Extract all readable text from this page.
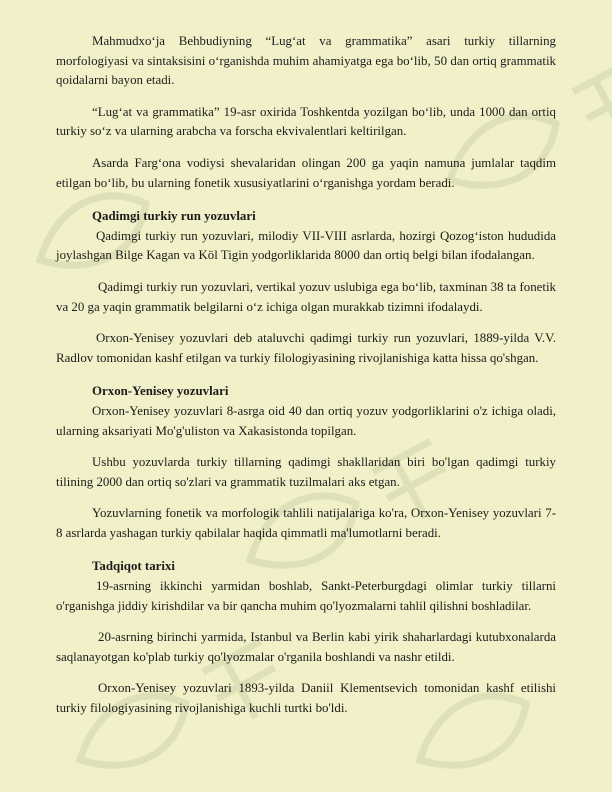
Mahmudxoʻja Behbudiyning “Lugʻat va grammatika” asari turkiy tillarning morfologiyasi va sintaksisini oʻrganishda muhim ahamiyatga ega boʻlib, 50 dan ortiq grammatik qoidalarni bayon etadi.

“Lugʻat va grammatika” 19-asr oxirida Toshkentda yozilgan boʻlib, unda 1000 dan ortiq turkiy soʻz va ularning arabcha va forscha ekvivalentlari keltirilgan.

Asarda Fargʻona vodiysi shevalaridan olingan 200 ga yaqin namuna jumlalar taqdim etilgan boʻlib, bu ularning fonetik xususiyatlarini oʻrganishga yordam beradi.

Qadimgi turkiy run yozuvlari

Qadimgi turkiy run yozuvlari, milodiy VII-VIII asrlarda, hozirgi Qozogʻiston hududida joylashgan Bilge Kagan va Köl Tigin yodgorliklarida 8000 dan ortiq belgi bilan ifodalangan.

Qadimgi turkiy run yozuvlari, vertikal yozuv uslubiga ega boʻlib, taxminan 38 ta fonetik va 20 ga yaqin grammatik belgilarni oʻz ichiga olgan murakkab tizimni ifodalaydi.

Orxon-Yenisey yozuvlari deb ataluvchi qadimgi turkiy run yozuvlari, 1889-yilda V.V. Radlov tomonidan kashf etilgan va turkiy filologiyasining rivojlanishiga katta hissa qo'shgan.

Orxon-Yenisey yozuvlari

Orxon-Yenisey yozuvlari 8-asrga oid 40 dan ortiq yozuv yodgorliklarini o'z ichiga oladi, ularning aksariyati Mo'g'uliston va Xakasistonda topilgan.

Ushbu yozuvlarda turkiy tillarning qadimgi shakllaridan biri bo'lgan qadimgi turkiy tilining 2000 dan ortiq so'zlari va grammatik tuzilmalari aks etgan.

Yozuvlarning fonetik va morfologik tahlili natijalariga ko'ra, Orxon-Yenisey yozuvlari 7-8 asrlarda yashagan turkiy qabilalar haqida qimmatli ma'lumotlarni beradi.

Tadqiqot tarixi

19-asrning ikkinchi yarmidan boshlab, Sankt-Peterburgdagi olimlar turkiy tillarni o'rganishga jiddiy kirishdilar va bir qancha muhim qo'lyozmalarni tahlil qilishni boshladilar.

20-asrning birinchi yarmida, Istanbul va Berlin kabi yirik shaharlardagi kutubxonalarda saqlanayotgan ko'plab turkiy qo'lyozmalar o'rganila boshlandi va nashr etildi.

Orxon-Yenisey yozuvlari 1893-yilda Daniil Klementsevich tomonidan kashf etilishi turkiy filologiyasining rivojlanishiga kuchli turtki bo'ldi.
